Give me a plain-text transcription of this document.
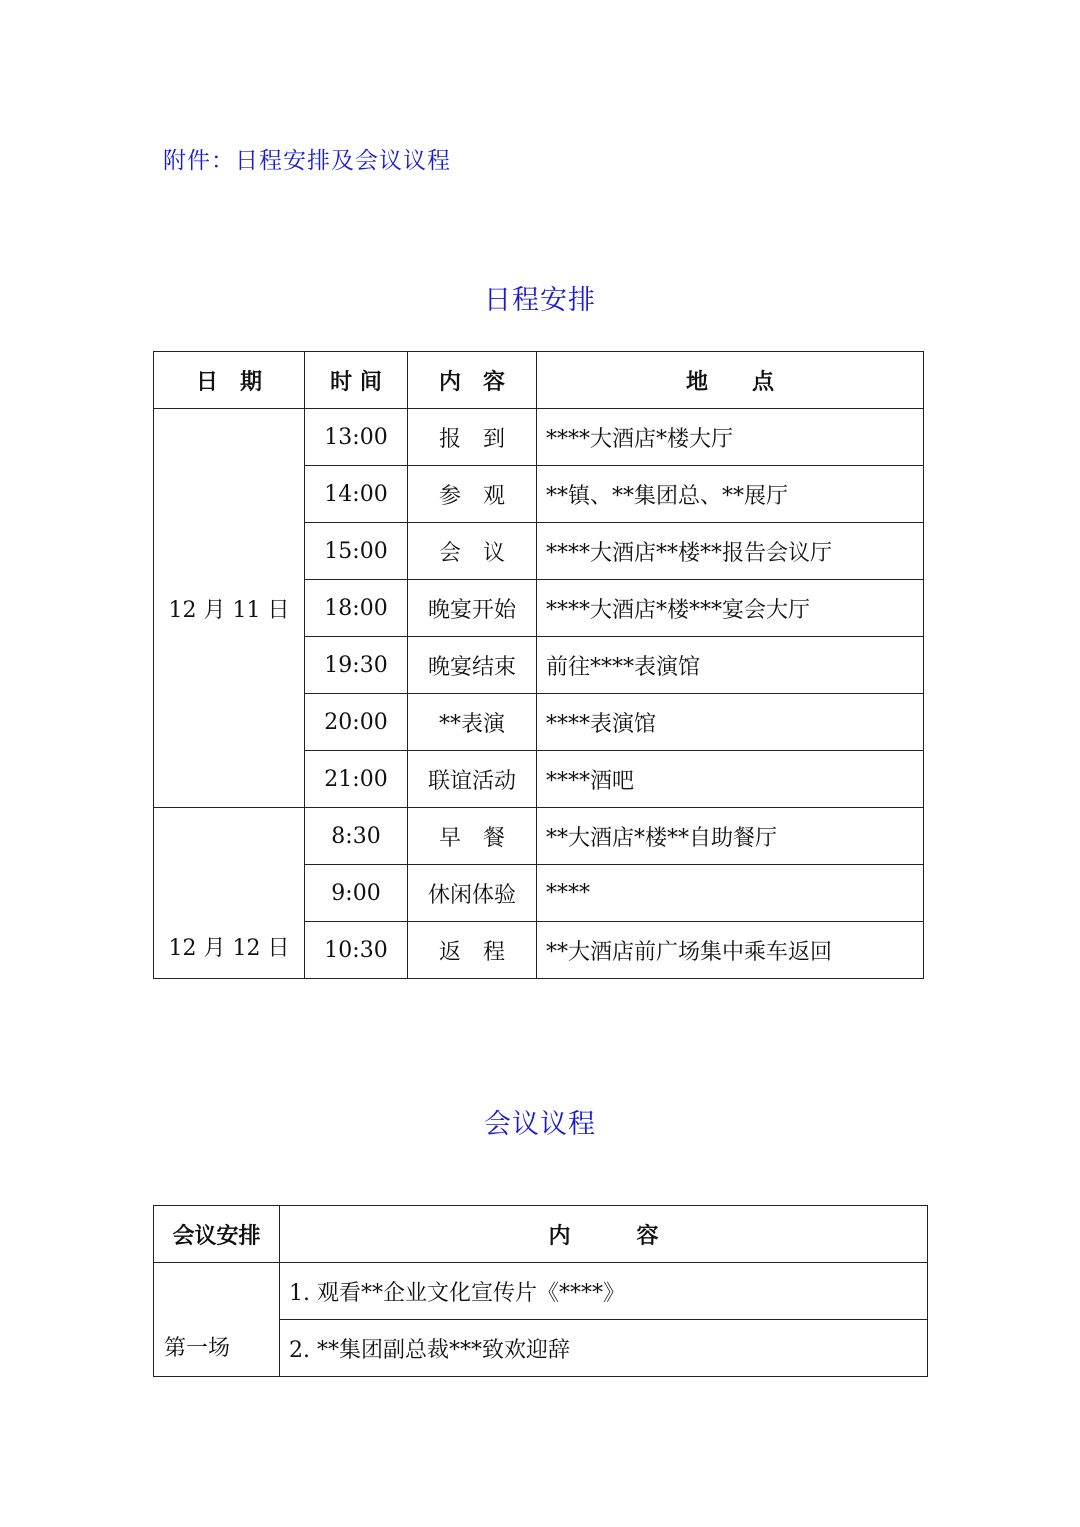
附件：日程安排及会议议程
日程安排
日　期	时 间	内　容	地　　点
12 月 11 日	13:00	报　到	****大酒店*楼大厅
	14:00	参　观	**镇、**集团总、**展厅
	15:00	会　议	****大酒店**楼**报告会议厅
	18:00	晚宴开始	****大酒店*楼***宴会大厅
	19:30	晚宴结束	前往****表演馆
	20:00	**表演	****表演馆
	21:00	联谊活动	****酒吧
12 月 12 日	8:30	早　餐	**大酒店*楼**自助餐厅
	9:00	休闲体验	****
	10:30	返　程	**大酒店前广场集中乘车返回
会议议程
会议安排	内　　　容
第一场	1. 观看**企业文化宣传片《****》
	2. **集团副总裁***致欢迎辞
